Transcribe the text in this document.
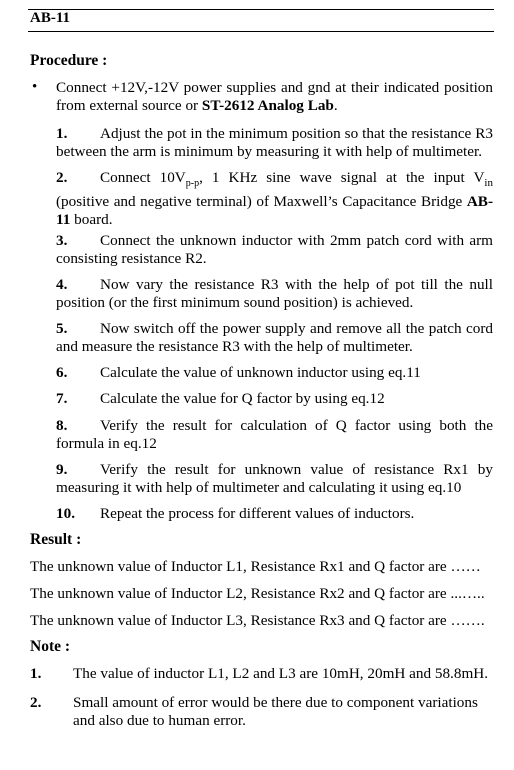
AB-11
Procedure :
• Connect +12V,-12V power supplies and gnd at their indicated position from external source or ST-2612 Analog Lab.
1. Adjust the pot in the minimum position so that the resistance R3 between the arm is minimum by measuring it with help of multimeter.
2. Connect $10V_{p-p}$, 1 KHz sine wave signal at the input $V_{in}$ (positive and negative terminal) of Maxwell’s Capacitance Bridge AB-11 board.
3. Connect the unknown inductor with 2mm patch cord with arm consisting resistance R2.
4. Now vary the resistance R3 with the help of pot till the null position (or the first minimum sound position) is achieved.
5. Now switch off the power supply and remove all the patch cord and measure the resistance R3 with the help of multimeter.
6. Calculate the value of unknown inductor using eq.11
7. Calculate the value for Q factor by using eq.12
8. Verify the result for calculation of Q factor using both the formula in eq.12
9. Verify the result for unknown value of resistance Rx1 by measuring it with help of multimeter and calculating it using eq.10
10. Repeat the process for different values of inductors.
Result :
The unknown value of Inductor L1, Resistance Rx1 and Q factor are ……
The unknown value of Inductor L2, Resistance Rx2 and Q factor are ...…..
The unknown value of Inductor L3, Resistance Rx3 and Q factor are …….
Note :
1. The value of inductor L1, L2 and L3 are 10mH, 20mH and 58.8mH.
2. Small amount of error would be there due to component variations and also due to human error.
